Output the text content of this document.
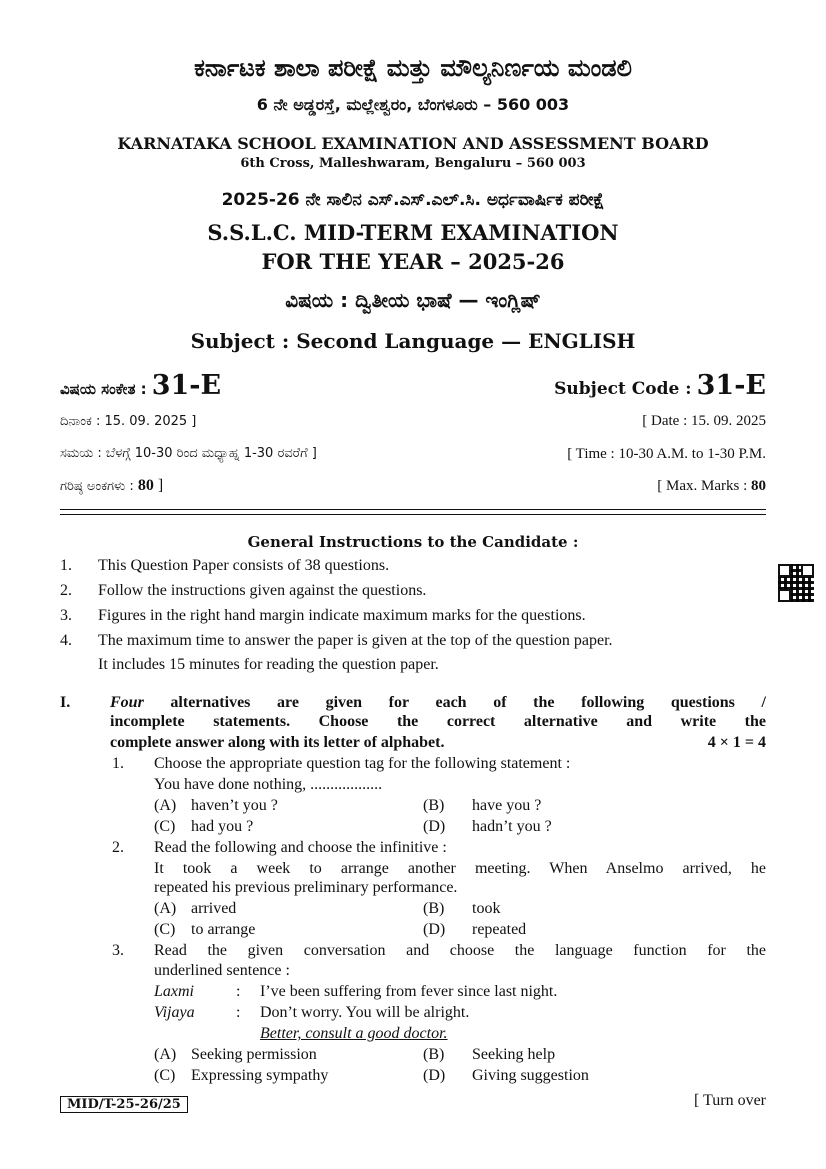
ಕರ್ನಾಟಕ ಶಾಲಾ ಪರೀಕ್ಷೆ ಮತ್ತು ಮೌಲ್ಯನಿರ್ಣಯ ಮಂಡಲಿ
6 ನೇ ಅಡ್ಡರಸ್ತೆ, ಮಲ್ಲೇಶ್ವರಂ, ಬೆಂಗಳೂರು – 560 003
KARNATAKA SCHOOL EXAMINATION AND ASSESSMENT BOARD
6th Cross, Malleshwaram, Bengaluru – 560 003
2025-26 ನೇ ಸಾಲಿನ ಎಸ್.ಎಸ್.ಎಲ್.ಸಿ. ಅರ್ಧವಾರ್ಷಿಕ ಪರೀಕ್ಷೆ
S.S.L.C. MID-TERM EXAMINATION
FOR THE YEAR – 2025-26
ವಿಷಯ : ದ್ವಿತೀಯ ಭಾಷೆ — ಇಂಗ್ಲಿಷ್
Subject : Second Language — ENGLISH
ವಿಷಯ ಸಂಕೇತ : 31-E	Subject Code : 31-E
ದಿನಾಂಕ : 15. 09. 2025 ]	[ Date : 15. 09. 2025
ಸಮಯ : ಬೆಳಗ್ಗೆ 10-30 ರಿಂದ ಮಧ್ಯಾಹ್ನ 1-30 ರವರೆಗೆ ]	[ Time : 10-30 A.M. to 1-30 P.M.
ಗರಿಷ್ಠ ಅಂಕಗಳು : 80 ]	[ Max. Marks : 80
General Instructions to the Candidate :
1. This Question Paper consists of 38 questions.
2. Follow the instructions given against the questions.
3. Figures in the right hand margin indicate maximum marks for the questions.
4. The maximum time to answer the paper is given at the top of the question paper.
It includes 15 minutes for reading the question paper.
I. Four alternatives are given for each of the following questions /
incomplete statements. Choose the correct alternative and write the
complete answer along with its letter of alphabet.	4 × 1 = 4
1. Choose the appropriate question tag for the following statement :
You have done nothing, ..................
(A) haven’t you ?	(B) have you ?
(C) had you ?	(D) hadn’t you ?
2. Read the following and choose the infinitive :
It took a week to arrange another meeting. When Anselmo arrived, he
repeated his previous preliminary performance.
(A) arrived	(B) took
(C) to arrange	(D) repeated
3. Read the given conversation and choose the language function for the
underlined sentence :
Laxmi	: I’ve been suffering from fever since last night.
Vijaya	: Don’t worry. You will be alright.
Better, consult a good doctor.
(A) Seeking permission	(B) Seeking help
(C) Expressing sympathy	(D) Giving suggestion
MID/T-25-26/25	[ Turn over
